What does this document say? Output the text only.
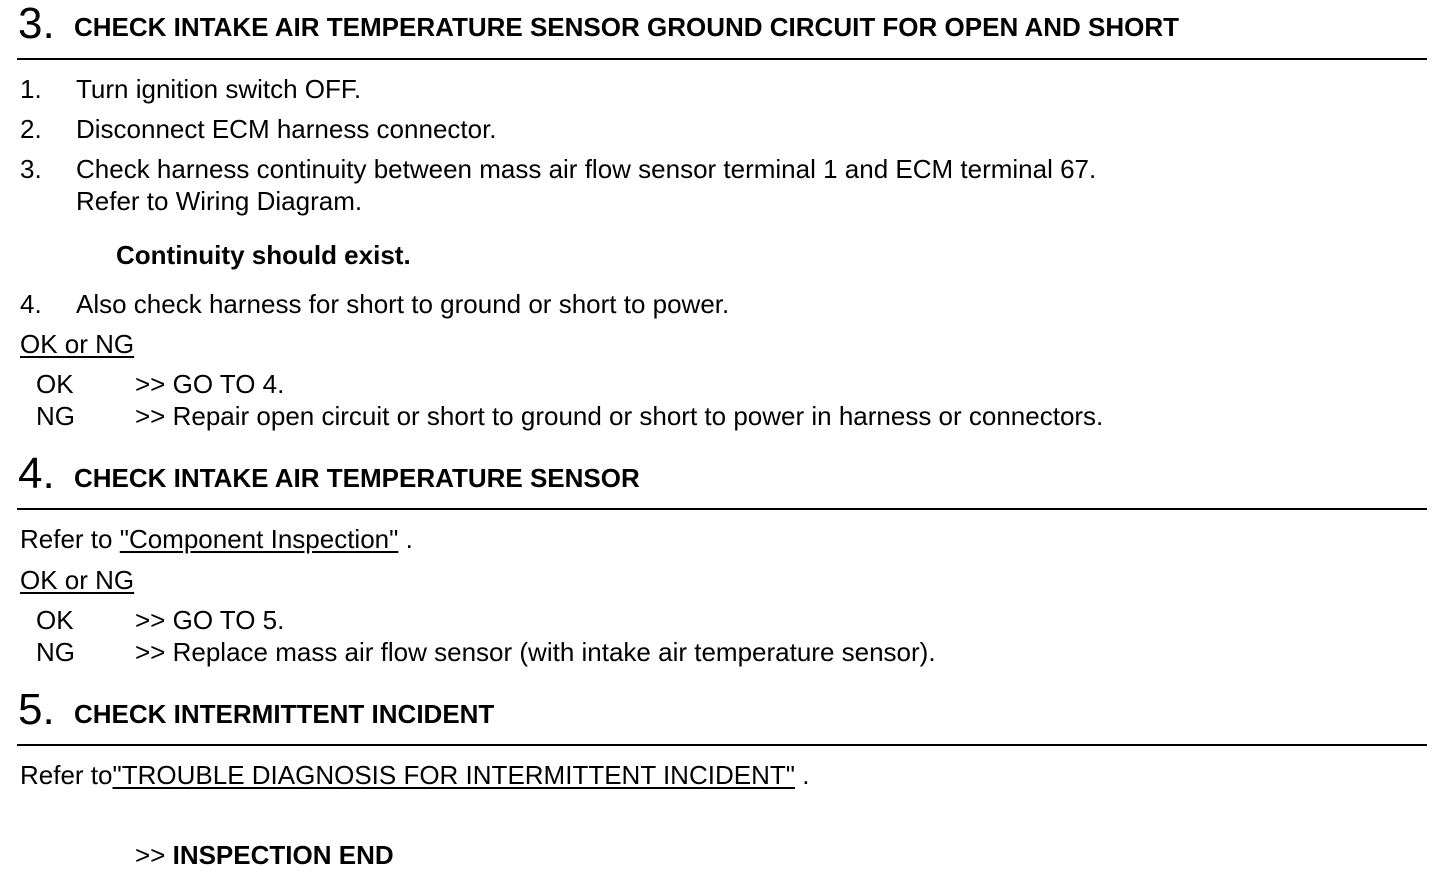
3. CHECK INTAKE AIR TEMPERATURE SENSOR GROUND CIRCUIT FOR OPEN AND SHORT
1. Turn ignition switch OFF.
2. Disconnect ECM harness connector.
3. Check harness continuity between mass air flow sensor terminal 1 and ECM terminal 67.
Refer to Wiring Diagram.
Continuity should exist.
4. Also check harness for short to ground or short to power.
OK or NG
OK >> GO TO 4.
NG >> Repair open circuit or short to ground or short to power in harness or connectors.
4. CHECK INTAKE AIR TEMPERATURE SENSOR
Refer to "Component Inspection" .
OK or NG
OK >> GO TO 5.
NG >> Replace mass air flow sensor (with intake air temperature sensor).
5. CHECK INTERMITTENT INCIDENT
Refer to"TROUBLE DIAGNOSIS FOR INTERMITTENT INCIDENT" .
>> INSPECTION END
